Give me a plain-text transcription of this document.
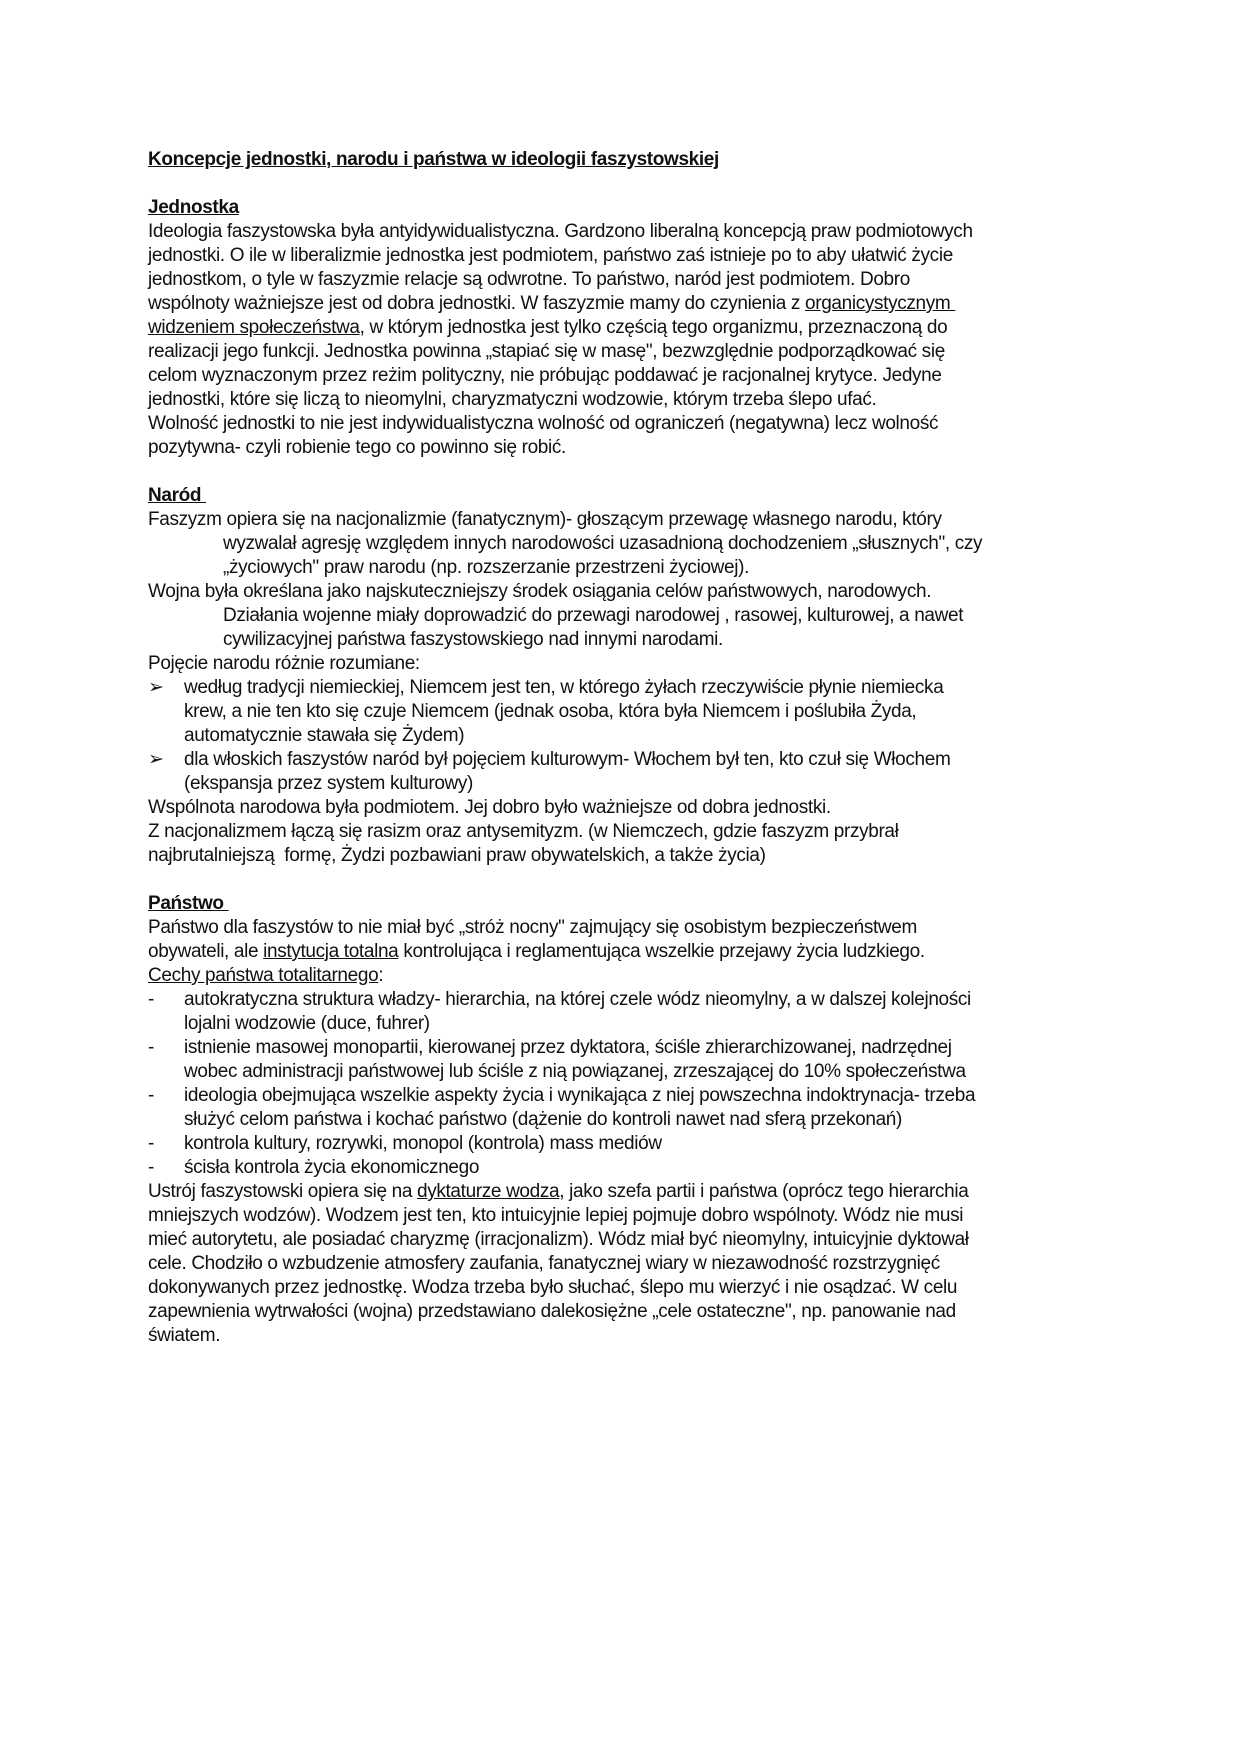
Koncepcje jednostki, narodu i państwa w ideologii faszystowskiej
Jednostka
Ideologia faszystowska była antyidywidualistyczna. Gardzono liberalną koncepcją praw podmiotowych
jednostki. O ile w liberalizmie jednostka jest podmiotem, państwo zaś istnieje po to aby ułatwić życie
jednostkom, o tyle w faszyzmie relacje są odwrotne. To państwo, naród jest podmiotem. Dobro
wspólnoty ważniejsze jest od dobra jednostki. W faszyzmie mamy do czynienia z organicystycznym
widzeniem społeczeństwa, w którym jednostka jest tylko częścią tego organizmu, przeznaczoną do
realizacji jego funkcji. Jednostka powinna „stapiać się w masę", bezwzględnie podporządkować się
celom wyznaczonym przez reżim polityczny, nie próbując poddawać je racjonalnej krytyce. Jedyne
jednostki, które się liczą to nieomylni, charyzmatyczni wodzowie, którym trzeba ślepo ufać.
Wolność jednostki to nie jest indywidualistyczna wolność od ograniczeń (negatywna) lecz wolność
pozytywna- czyli robienie tego co powinno się robić.
Naród
Faszyzm opiera się na nacjonalizmie (fanatycznym)- głoszącym przewagę własnego narodu, który
wyzwalał agresję względem innych narodowości uzasadnioną dochodzeniem „słusznych", czy
„życiowych" praw narodu (np. rozszerzanie przestrzeni życiowej).
Wojna była określana jako najskuteczniejszy środek osiągania celów państwowych, narodowych.
Działania wojenne miały doprowadzić do przewagi narodowej , rasowej, kulturowej, a nawet
cywilizacyjnej państwa faszystowskiego nad innymi narodami.
Pojęcie narodu różnie rozumiane:
➢ według tradycji niemieckiej, Niemcem jest ten, w którego żyłach rzeczywiście płynie niemiecka
krew, a nie ten kto się czuje Niemcem (jednak osoba, która była Niemcem i poślubiła Żyda,
automatycznie stawała się Żydem)
➢ dla włoskich faszystów naród był pojęciem kulturowym- Włochem był ten, kto czuł się Włochem
(ekspansja przez system kulturowy)
Wspólnota narodowa była podmiotem. Jej dobro było ważniejsze od dobra jednostki.
Z nacjonalizmem łączą się rasizm oraz antysemityzm. (w Niemczech, gdzie faszyzm przybrał
najbrutalniejszą  formę, Żydzi pozbawiani praw obywatelskich, a także życia)
Państwo
Państwo dla faszystów to nie miał być „stróż nocny" zajmujący się osobistym bezpieczeństwem
obywateli, ale instytucja totalna kontrolująca i reglamentująca wszelkie przejawy życia ludzkiego.
Cechy państwa totalitarnego:
- autokratyczna struktura władzy- hierarchia, na której czele wódz nieomylny, a w dalszej kolejności
lojalni wodzowie (duce, fuhrer)
- istnienie masowej monopartii, kierowanej przez dyktatora, ściśle zhierarchizowanej, nadrzędnej
wobec administracji państwowej lub ściśle z nią powiązanej, zrzeszającej do 10% społeczeństwa
- ideologia obejmująca wszelkie aspekty życia i wynikająca z niej powszechna indoktrynacja- trzeba
służyć celom państwa i kochać państwo (dążenie do kontroli nawet nad sferą przekonań)
- kontrola kultury, rozrywki, monopol (kontrola) mass mediów
- ścisła kontrola życia ekonomicznego
Ustrój faszystowski opiera się na dyktaturze wodza, jako szefa partii i państwa (oprócz tego hierarchia
mniejszych wodzów). Wodzem jest ten, kto intuicyjnie lepiej pojmuje dobro wspólnoty. Wódz nie musi
mieć autorytetu, ale posiadać charyzmę (irracjonalizm). Wódz miał być nieomylny, intuicyjnie dyktował
cele. Chodziło o wzbudzenie atmosfery zaufania, fanatycznej wiary w niezawodność rozstrzygnięć
dokonywanych przez jednostkę. Wodza trzeba było słuchać, ślepo mu wierzyć i nie osądzać. W celu
zapewnienia wytrwałości (wojna) przedstawiano dalekosiężne „cele ostateczne", np. panowanie nad
światem.
